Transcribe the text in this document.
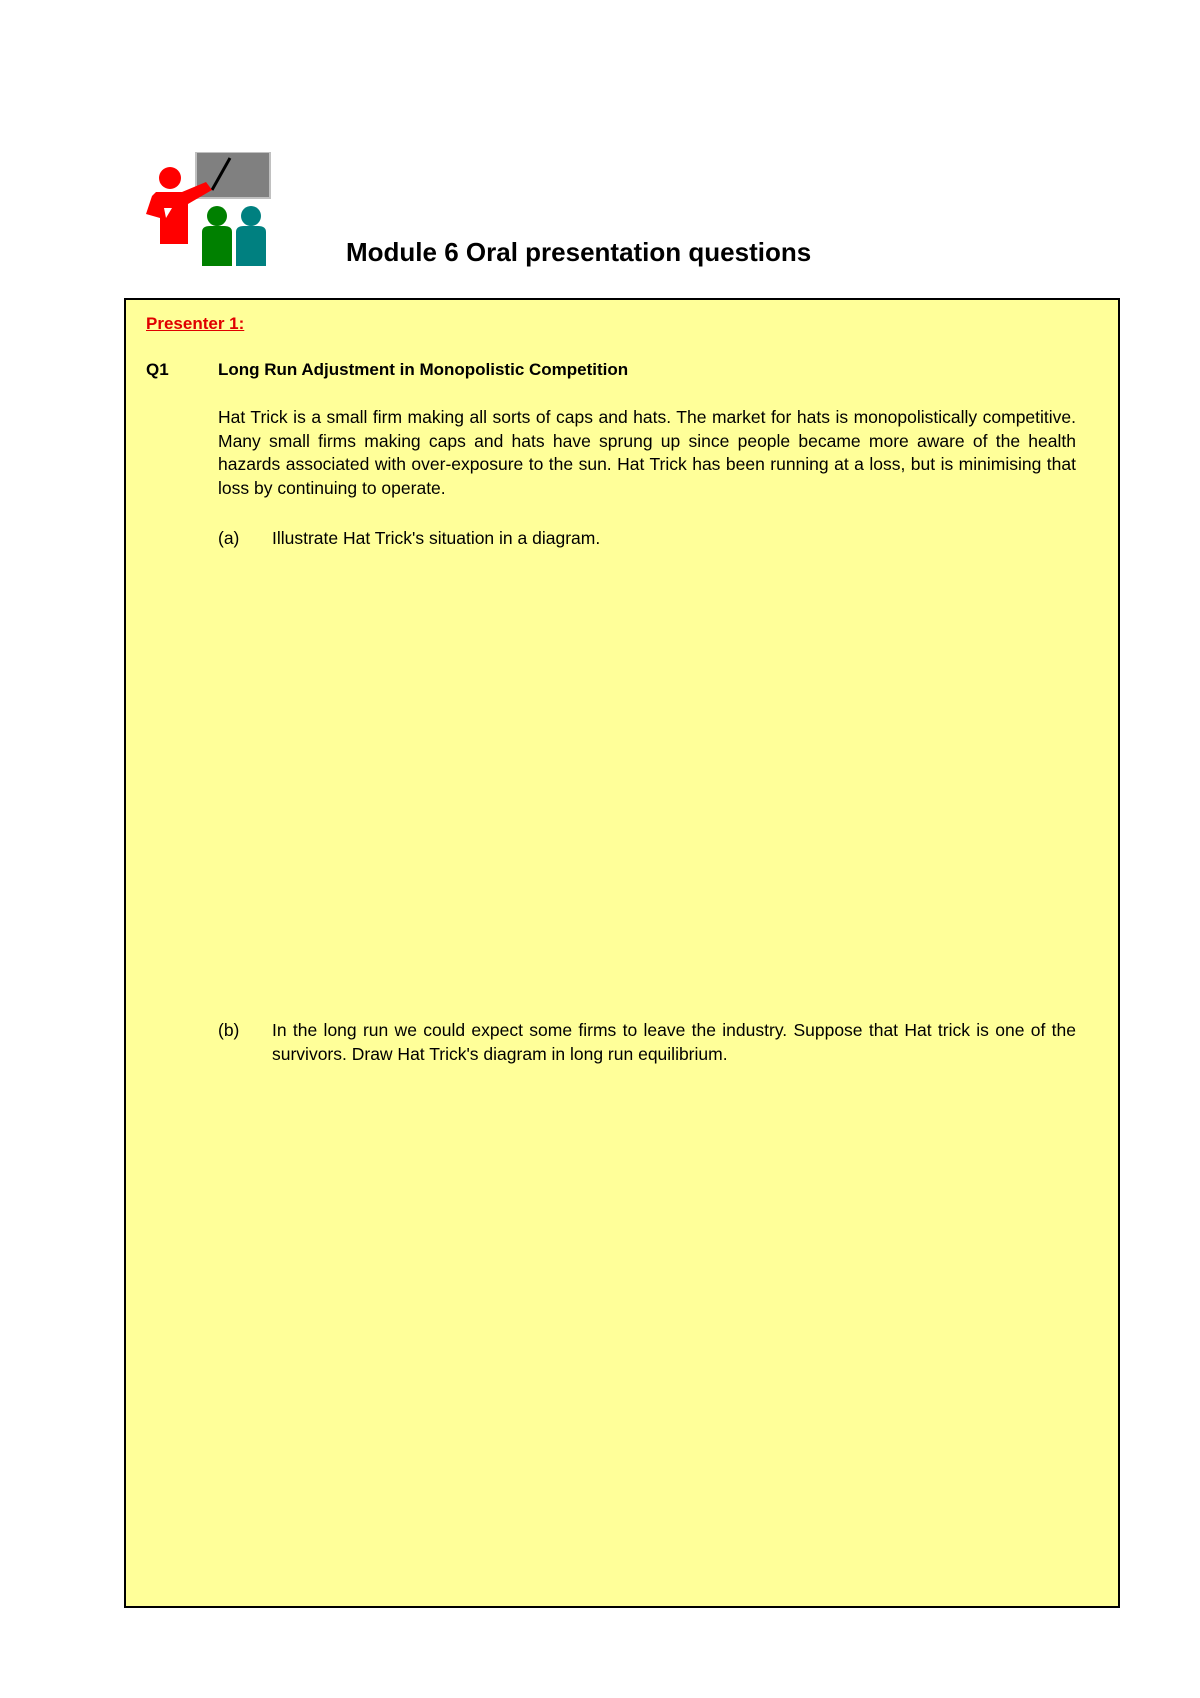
Module 6 Oral presentation questions
Presenter 1:
Q1	Long Run Adjustment in Monopolistic Competition

Hat Trick is a small firm making all sorts of caps and hats. The market for hats is monopolistically competitive. Many small firms making caps and hats have sprung up since people became more aware of the health hazards associated with over-exposure to the sun. Hat Trick has been running at a loss, but is minimising that loss by continuing to operate.

(a) Illustrate Hat Trick's situation in a diagram.
(b) In the long run we could expect some firms to leave the industry. Suppose that Hat trick is one of the survivors. Draw Hat Trick's diagram in long run equilibrium.
